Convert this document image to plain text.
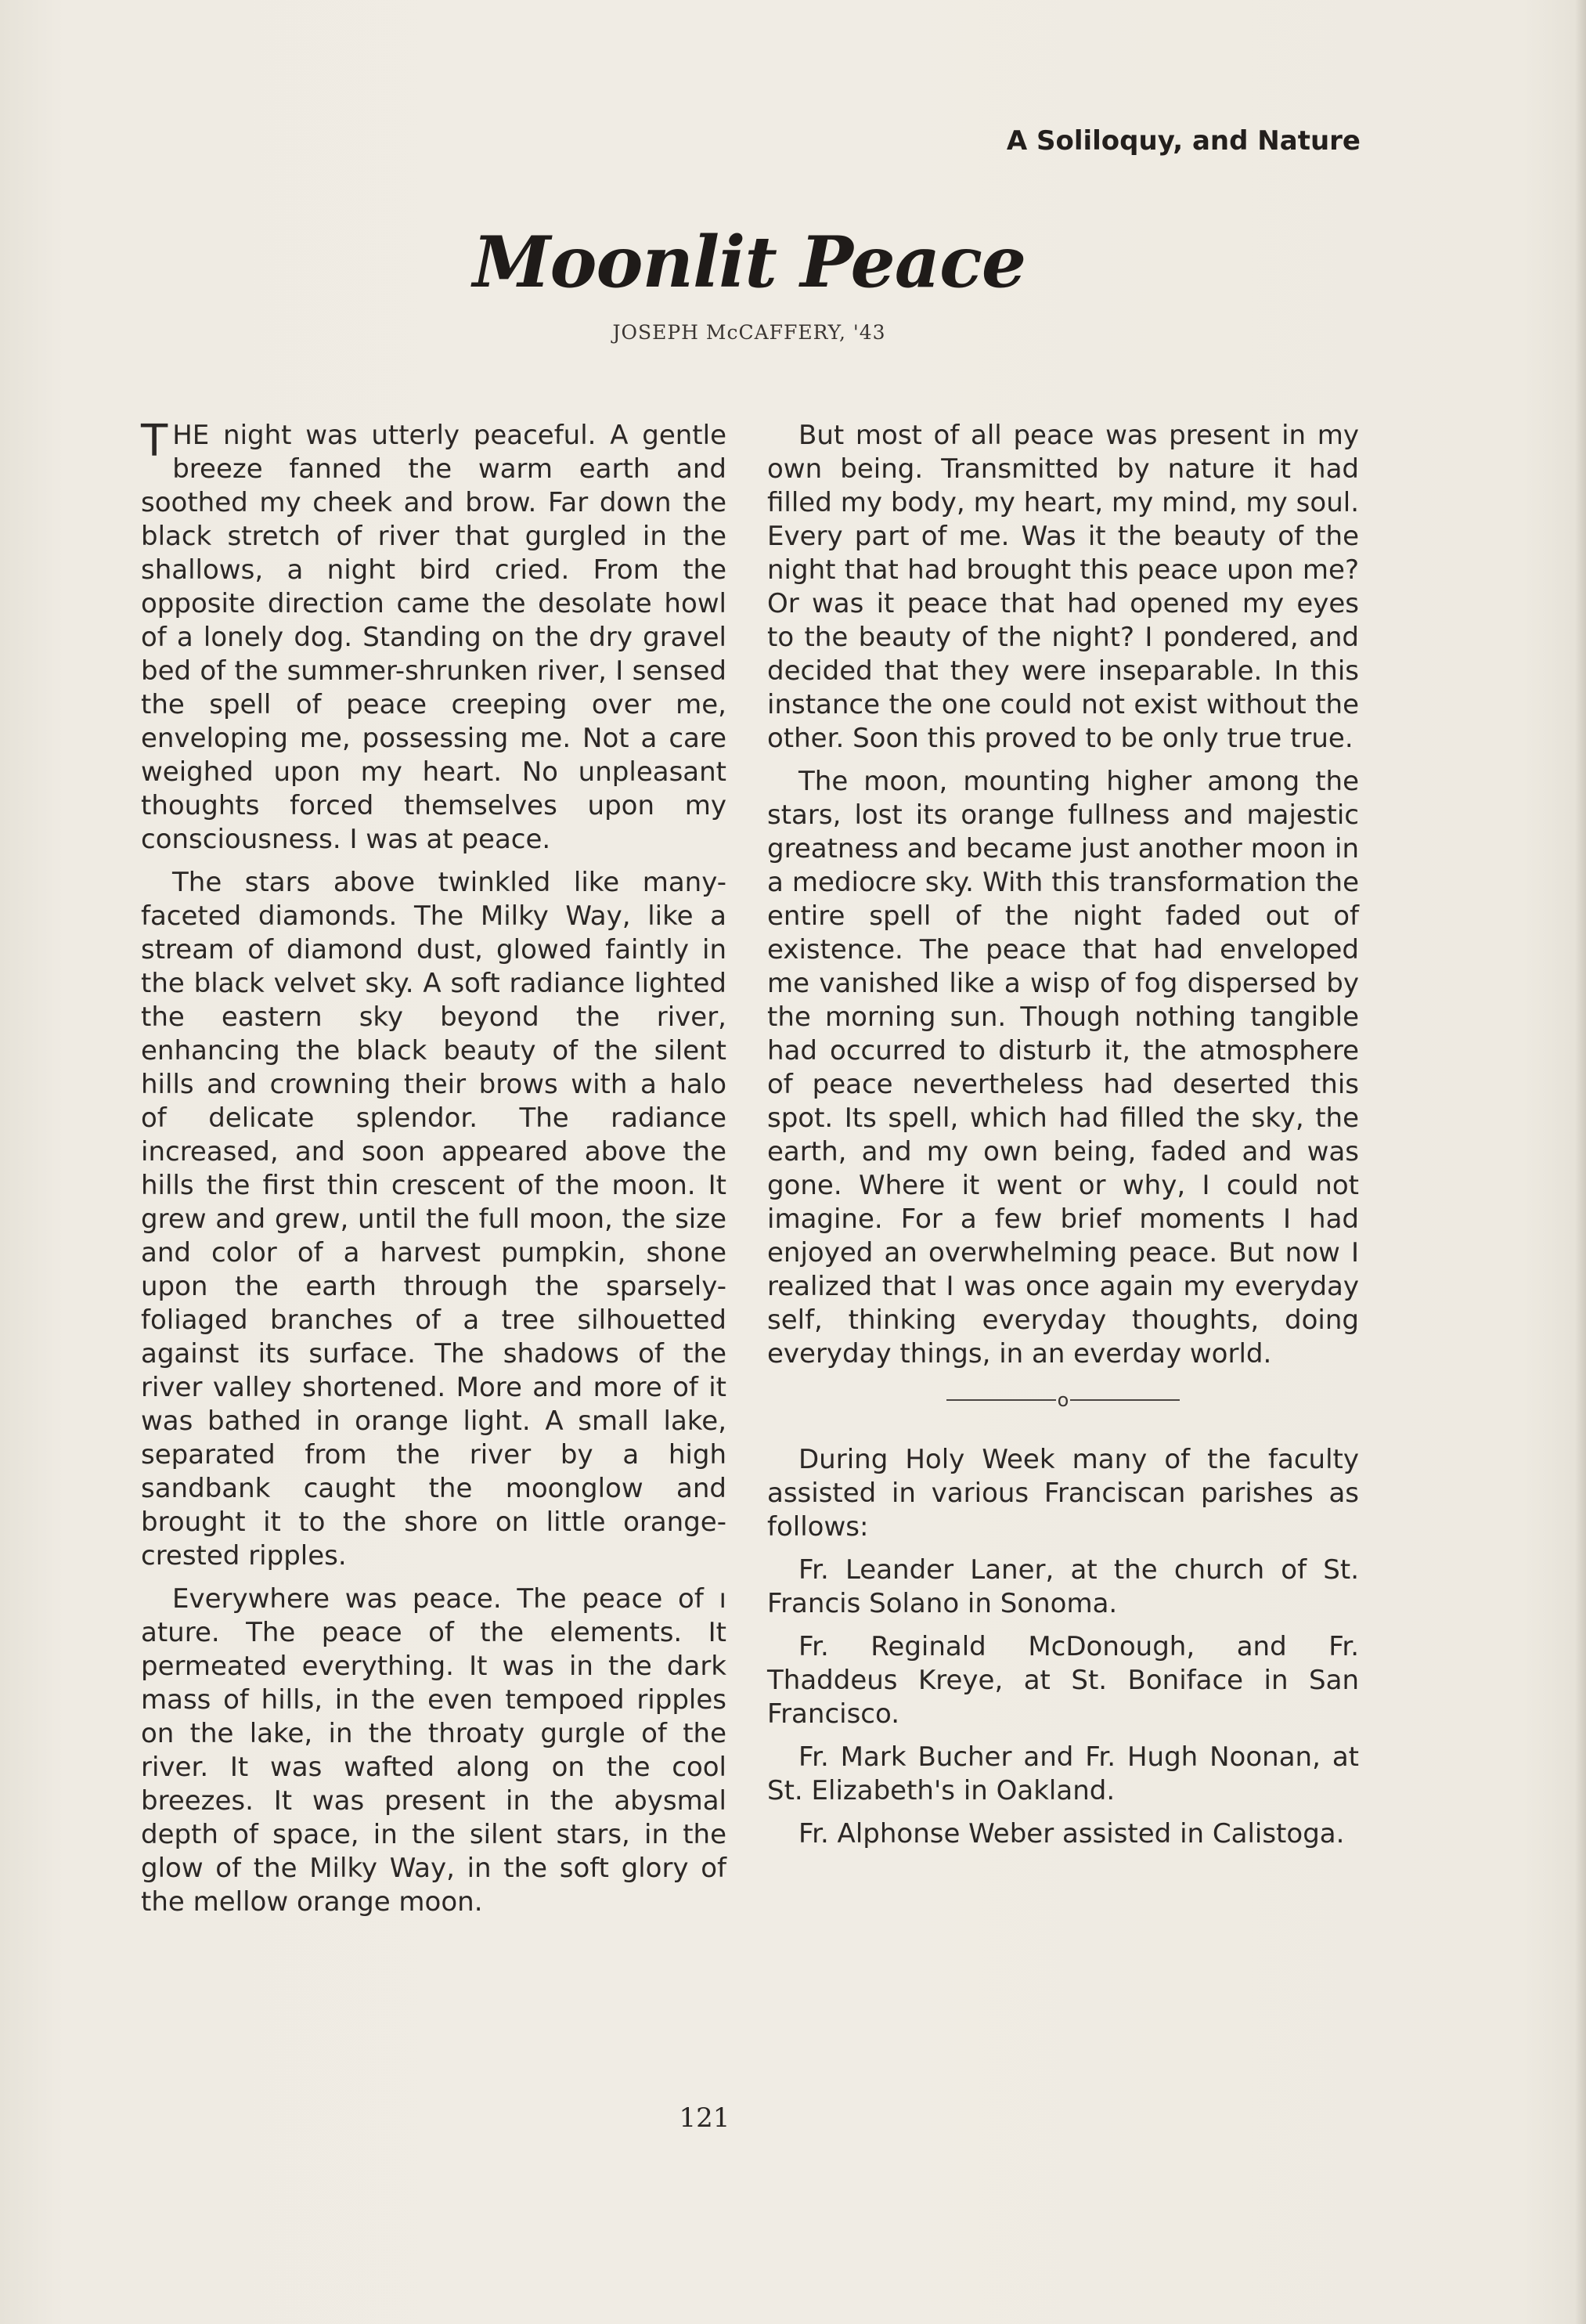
A Soliloquy, and Nature
Moonlit Peace
JOSEPH McCAFFERY, '43

THE night was utterly peaceful. A gentle breeze fanned the warm earth and soothed my cheek and brow. Far down the black stretch of river that gurgled in the shallows, a night bird cried. From the opposite direction came the desolate howl of a lonely dog. Standing on the dry gravel bed of the summer-shrunken river, I sensed the spell of peace creeping over me, enveloping me, possessing me. Not a care weighed upon my heart. No unpleasant thoughts forced themselves upon my consciousness. I was at peace.

The stars above twinkled like many-faceted diamonds. The Milky Way, like a stream of diamond dust, glowed faintly in the black velvet sky. A soft radiance lighted the eastern sky beyond the river, enhancing the black beauty of the silent hills and crowning their brows with a halo of delicate splendor. The radiance increased, and soon appeared above the hills the first thin crescent of the moon. It grew and grew, until the full moon, the size and color of a harvest pumpkin, shone upon the earth through the sparsely-foliaged branches of a tree silhouetted against its surface. The shadows of the river valley shortened. More and more of it was bathed in orange light. A small lake, separated from the river by a high sandbank caught the moonglow and brought it to the shore on little orange-crested ripples.

Everywhere was peace. The peace of ı ature. The peace of the elements. It permeated everything. It was in the dark mass of hills, in the even tempoed ripples on the lake, in the throaty gurgle of the river. It was wafted along on the cool breezes. It was present in the abysmal depth of space, in the silent stars, in the glow of the Milky Way, in the soft glory of the mellow orange moon.

But most of all peace was present in my own being. Transmitted by nature it had filled my body, my heart, my mind, my soul. Every part of me. Was it the beauty of the night that had brought this peace upon me? Or was it peace that had opened my eyes to the beauty of the night? I pondered, and decided that they were inseparable. In this instance the one could not exist without the other. Soon this proved to be only true true.

The moon, mounting higher among the stars, lost its orange fullness and majestic greatness and became just another moon in a mediocre sky. With this transformation the entire spell of the night faded out of existence. The peace that had enveloped me vanished like a wisp of fog dispersed by the morning sun. Though nothing tangible had occurred to disturb it, the atmosphere of peace nevertheless had deserted this spot. Its spell, which had filled the sky, the earth, and my own being, faded and was gone. Where it went or why, I could not imagine. For a few brief moments I had enjoyed an overwhelming peace. But now I realized that I was once again my everyday self, thinking everyday thoughts, doing everyday things, in an everday world.

o

During Holy Week many of the faculty assisted in various Franciscan parishes as follows:

Fr. Leander Laner, at the church of St. Francis Solano in Sonoma.

Fr. Reginald McDonough, and Fr. Thaddeus Kreye, at St. Boniface in San Francisco.

Fr. Mark Bucher and Fr. Hugh Noonan, at St. Elizabeth's in Oakland.

Fr. Alphonse Weber assisted in Calistoga.

121
